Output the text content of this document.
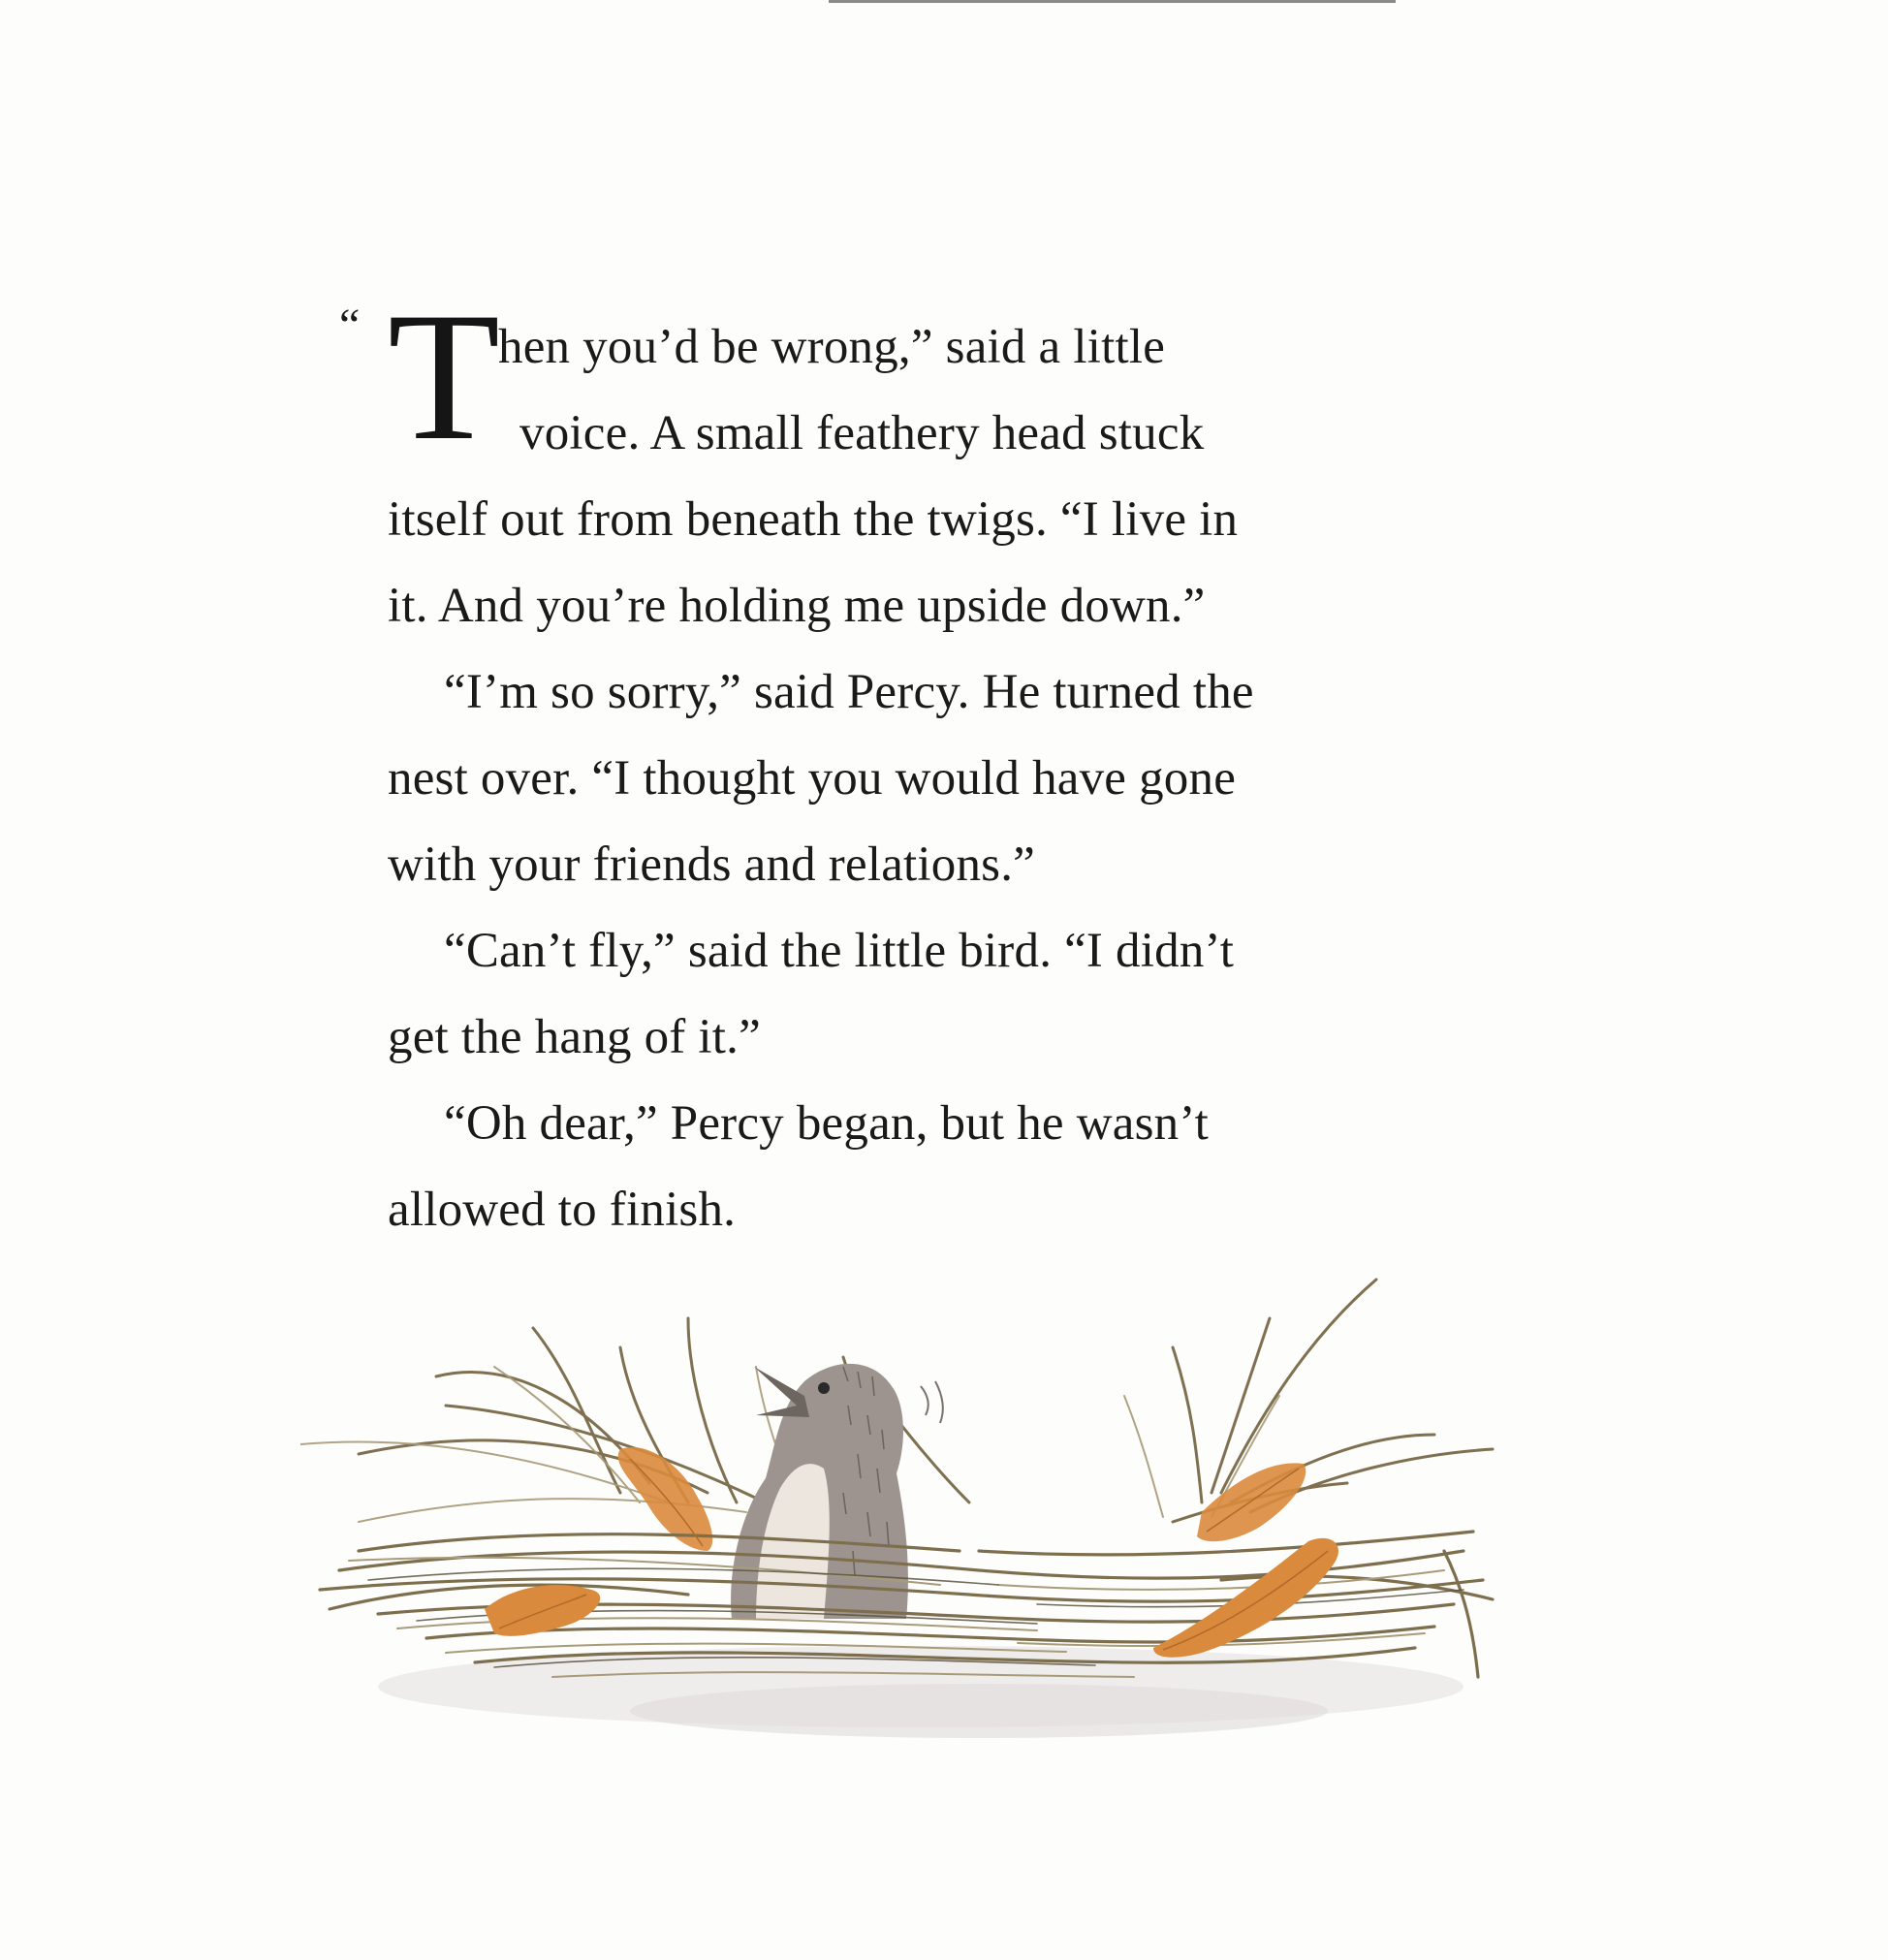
“ T
hen you’d be wrong,” said a little
voice. A small feathery head stuck
itself out from beneath the twigs. “I live in
it. And you’re holding me upside down.”
“I’m so sorry,” said Percy. He turned the
nest over. “I thought you would have gone
with your friends and relations.”
“Can’t fly,” said the little bird. “I didn’t
get the hang of it.”
“Oh dear,” Percy began, but he wasn’t
allowed to finish.
